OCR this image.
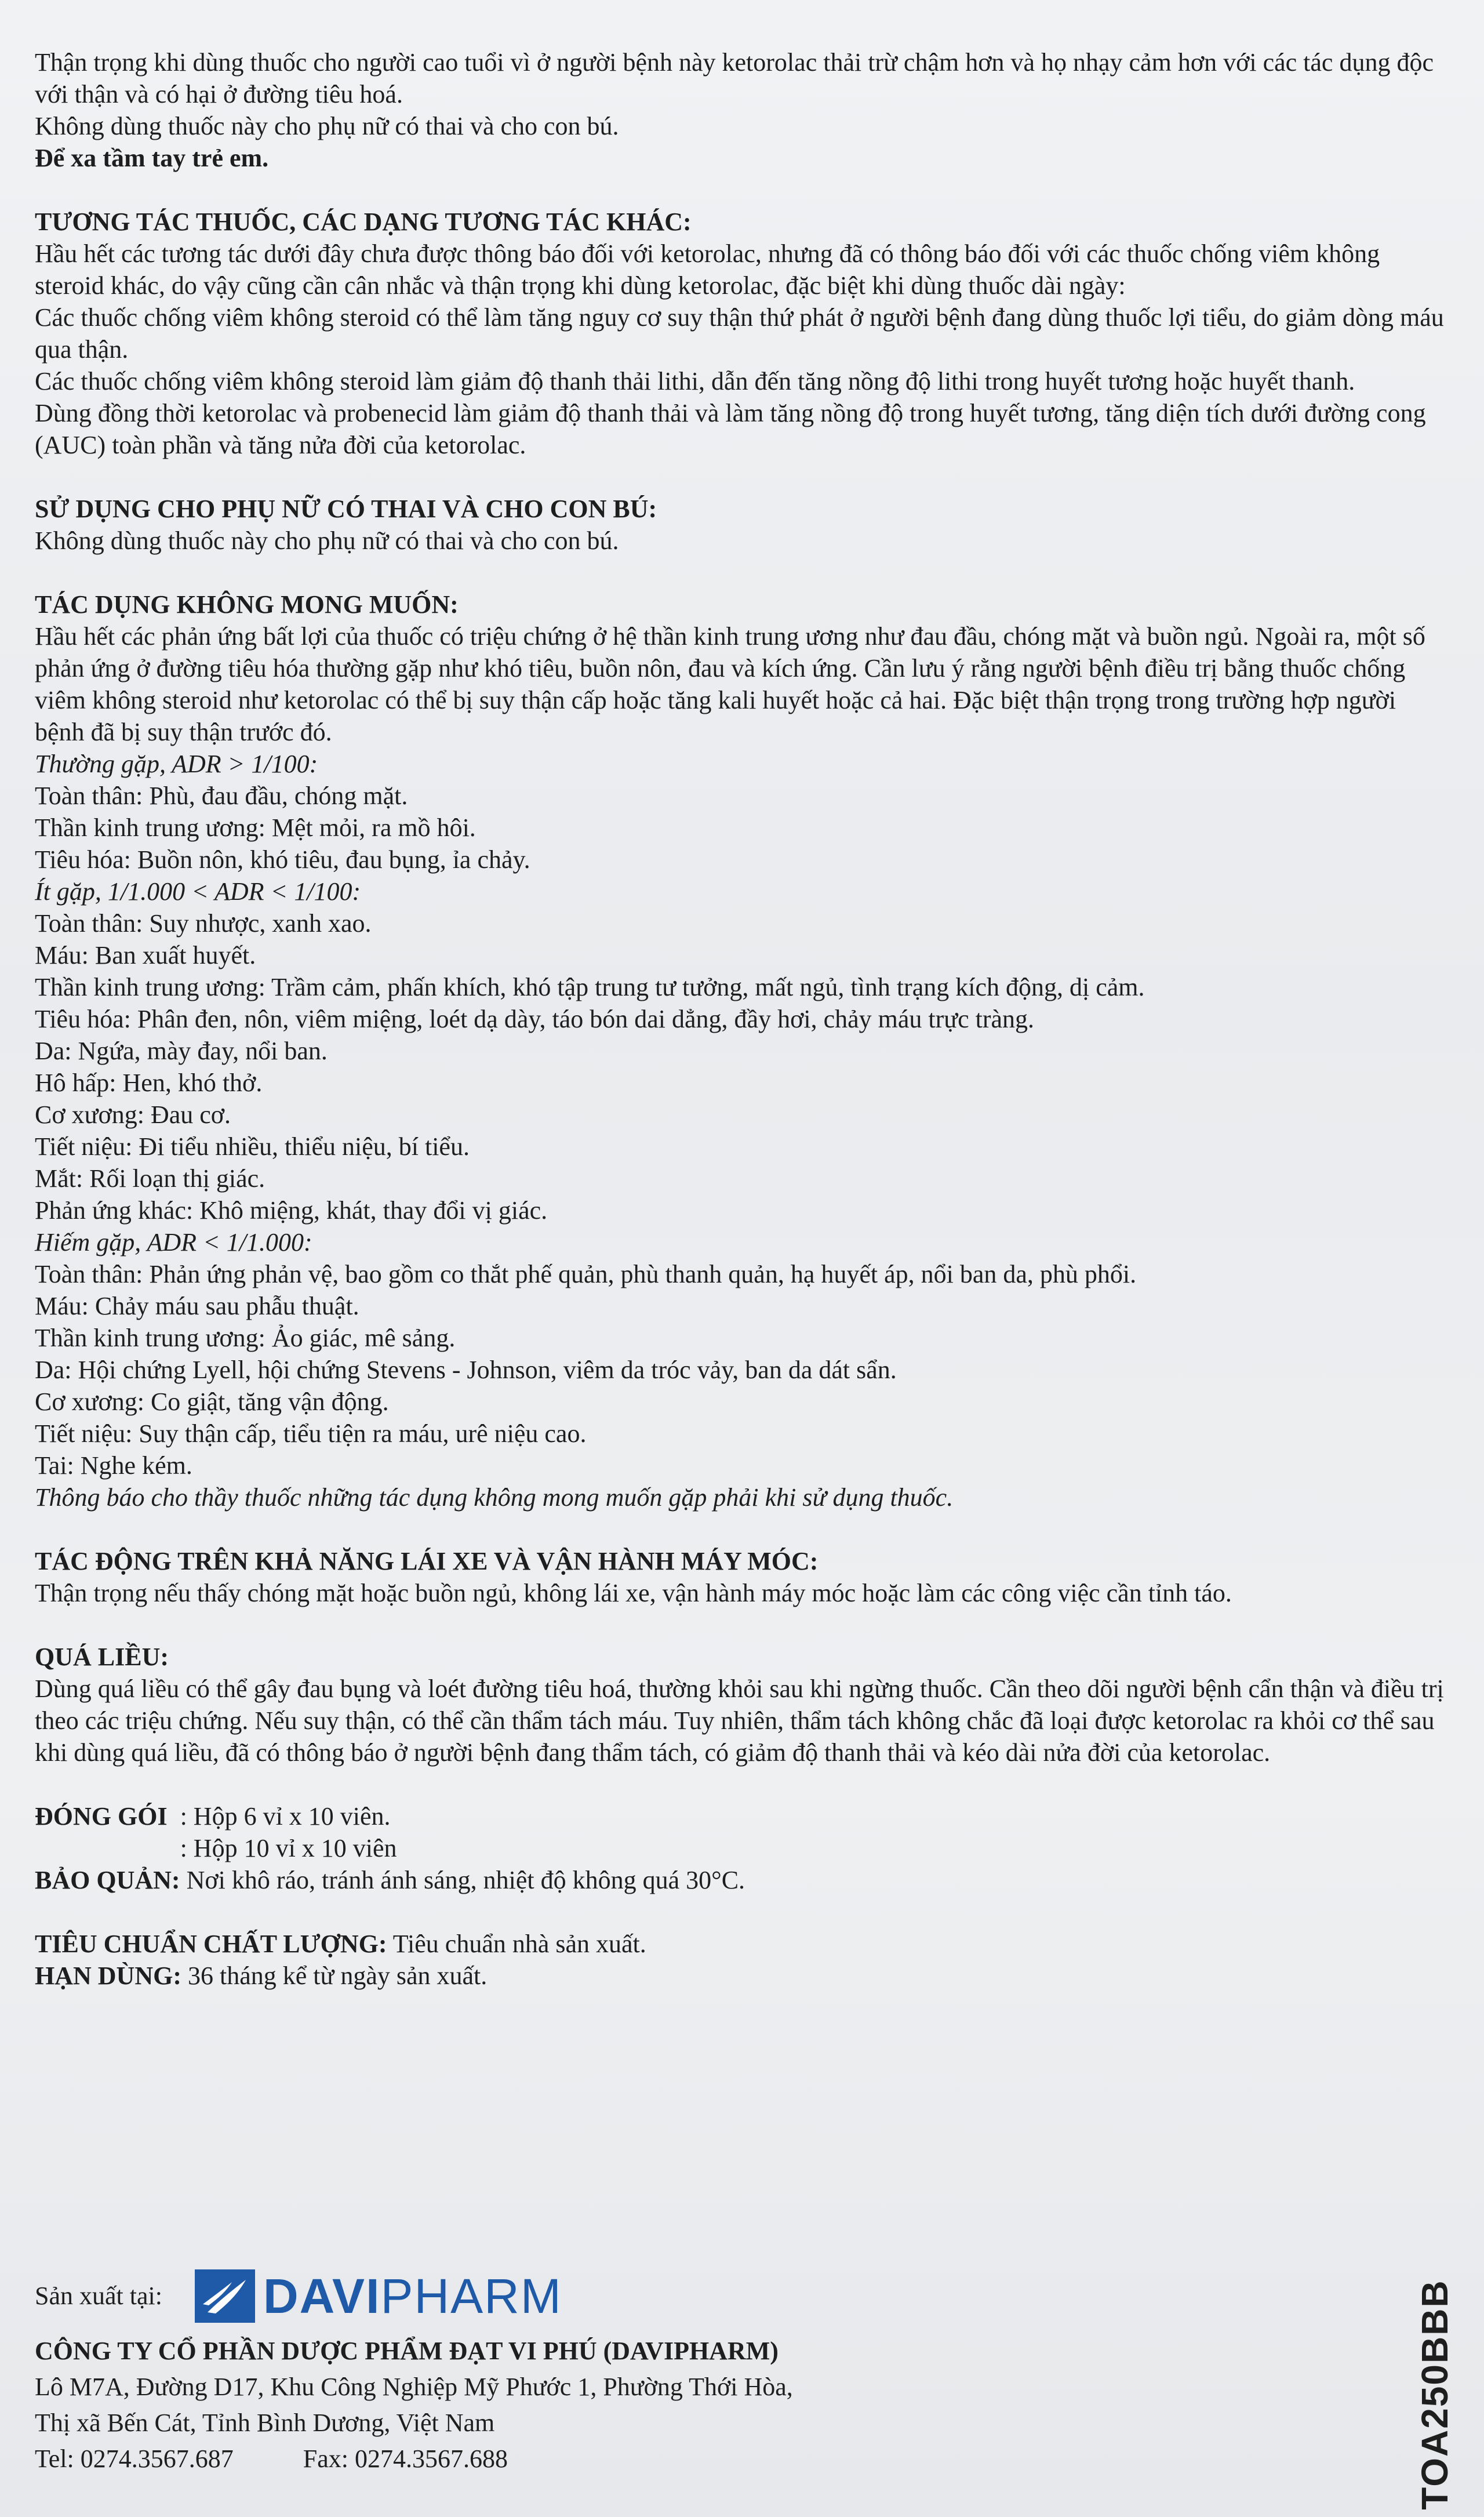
Thận trọng khi dùng thuốc cho người cao tuổi vì ở người bệnh này ketorolac thải trừ chậm hơn và họ nhạy cảm hơn với các tác dụng độc với thận và có hại ở đường tiêu hoá.

Không dùng thuốc này cho phụ nữ có thai và cho con bú.

Để xa tầm tay trẻ em.

TƯƠNG TÁC THUỐC, CÁC DẠNG TƯƠNG TÁC KHÁC:

Hầu hết các tương tác dưới đây chưa được thông báo đối với ketorolac, nhưng đã có thông báo đối với các thuốc chống viêm không steroid khác, do vậy cũng cần cân nhắc và thận trọng khi dùng ketorolac, đặc biệt khi dùng thuốc dài ngày:

Các thuốc chống viêm không steroid có thể làm tăng nguy cơ suy thận thứ phát ở người bệnh đang dùng thuốc lợi tiểu, do giảm dòng máu qua thận.

Các thuốc chống viêm không steroid làm giảm độ thanh thải lithi, dẫn đến tăng nồng độ lithi trong huyết tương hoặc huyết thanh.

Dùng đồng thời ketorolac và probenecid làm giảm độ thanh thải và làm tăng nồng độ trong huyết tương, tăng diện tích dưới đường cong (AUC) toàn phần và tăng nửa đời của ketorolac.

SỬ DỤNG CHO PHỤ NỮ CÓ THAI VÀ CHO CON BÚ:

Không dùng thuốc này cho phụ nữ có thai và cho con bú.

TÁC DỤNG KHÔNG MONG MUỐN:

Hầu hết các phản ứng bất lợi của thuốc có triệu chứng ở hệ thần kinh trung ương như đau đầu, chóng mặt và buồn ngủ. Ngoài ra, một số phản ứng ở đường tiêu hóa thường gặp như khó tiêu, buồn nôn, đau và kích ứng. Cần lưu ý rằng người bệnh điều trị bằng thuốc chống viêm không steroid như ketorolac có thể bị suy thận cấp hoặc tăng kali huyết hoặc cả hai. Đặc biệt thận trọng trong trường hợp người bệnh đã bị suy thận trước đó.

Thường gặp, ADR > 1/100:

Toàn thân: Phù, đau đầu, chóng mặt.

Thần kinh trung ương: Mệt mỏi, ra mồ hôi.

Tiêu hóa: Buồn nôn, khó tiêu, đau bụng, ỉa chảy.

Ít gặp, 1/1.000 < ADR < 1/100:

Toàn thân: Suy nhược, xanh xao.

Máu: Ban xuất huyết.

Thần kinh trung ương: Trầm cảm, phấn khích, khó tập trung tư tưởng, mất ngủ, tình trạng kích động, dị cảm.

Tiêu hóa: Phân đen, nôn, viêm miệng, loét dạ dày, táo bón dai dẳng, đầy hơi, chảy máu trực tràng.

Da: Ngứa, mày đay, nổi ban.

Hô hấp: Hen, khó thở.

Cơ xương: Đau cơ.

Tiết niệu: Đi tiểu nhiều, thiểu niệu, bí tiểu.

Mắt: Rối loạn thị giác.

Phản ứng khác: Khô miệng, khát, thay đổi vị giác.

Hiếm gặp, ADR < 1/1.000:

Toàn thân: Phản ứng phản vệ, bao gồm co thắt phế quản, phù thanh quản, hạ huyết áp, nổi ban da, phù phổi.

Máu: Chảy máu sau phẫu thuật.

Thần kinh trung ương: Ảo giác, mê sảng.

Da: Hội chứng Lyell, hội chứng Stevens - Johnson, viêm da tróc vảy, ban da dát sẩn.

Cơ xương: Co giật, tăng vận động.

Tiết niệu: Suy thận cấp, tiểu tiện ra máu, urê niệu cao.

Tai: Nghe kém.

Thông báo cho thầy thuốc những tác dụng không mong muốn gặp phải khi sử dụng thuốc.

TÁC ĐỘNG TRÊN KHẢ NĂNG LÁI XE VÀ VẬN HÀNH MÁY MÓC:

Thận trọng nếu thấy chóng mặt hoặc buồn ngủ, không lái xe, vận hành máy móc hoặc làm các công việc cần tỉnh táo.

QUÁ LIỀU:

Dùng quá liều có thể gây đau bụng và loét đường tiêu hoá, thường khỏi sau khi ngừng thuốc. Cần theo dõi người bệnh cẩn thận và điều trị theo các triệu chứng. Nếu suy thận, có thể cần thẩm tách máu. Tuy nhiên, thẩm tách không chắc đã loại được ketorolac ra khỏi cơ thể sau khi dùng quá liều, đã có thông báo ở người bệnh đang thẩm tách, có giảm độ thanh thải và kéo dài nửa đời của ketorolac.

ĐÓNG GÓI : Hộp 6 vỉ x 10 viên.
: Hộp 10 vỉ x 10 viên

BẢO QUẢN: Nơi khô ráo, tránh ánh sáng, nhiệt độ không quá 30°C.

TIÊU CHUẨN CHẤT LƯỢNG: Tiêu chuẩn nhà sản xuất.

HẠN DÙNG: 36 tháng kể từ ngày sản xuất.

Sản xuất tại: DAVIPHARM

CÔNG TY CỔ PHẦN DƯỢC PHẨM ĐẠT VI PHÚ (DAVIPHARM)

Lô M7A, Đường D17, Khu Công Nghiệp Mỹ Phước 1, Phường Thới Hòa,

Thị xã Bến Cát, Tỉnh Bình Dương, Việt Nam

Tel: 0274.3567.687	Fax: 0274.3567.688	TOA250BBB
